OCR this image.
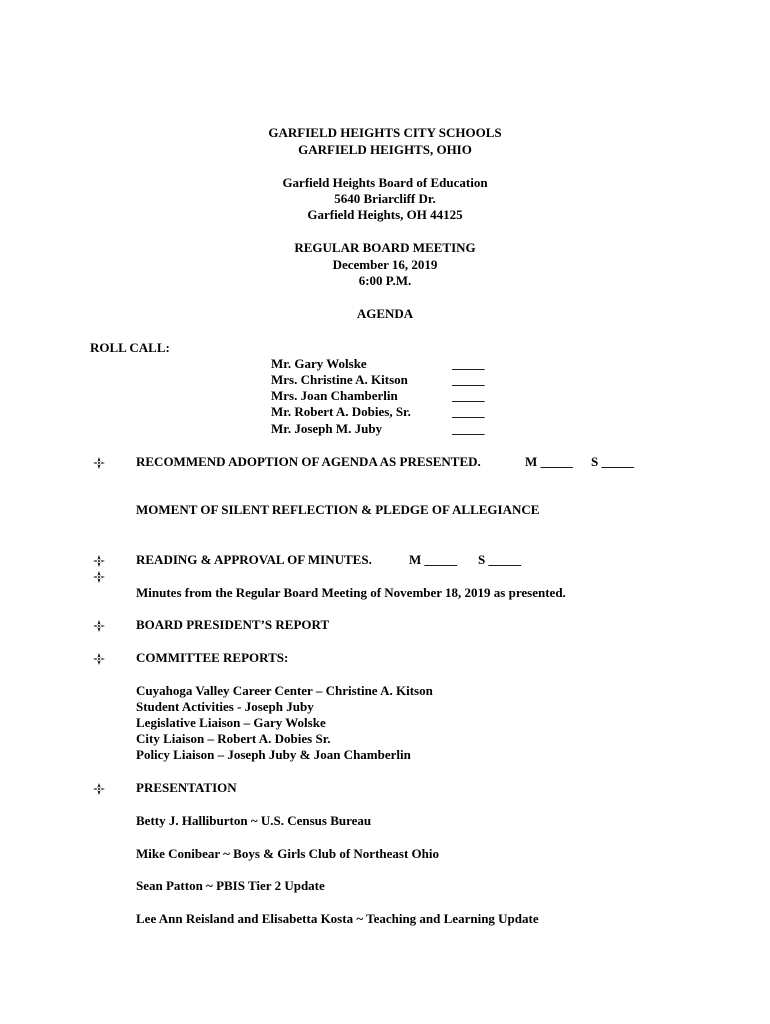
GARFIELD HEIGHTS CITY SCHOOLS
GARFIELD HEIGHTS, OHIO
Garfield Heights Board of Education
5640 Briarcliff Dr.
Garfield Heights, OH 44125
REGULAR BOARD MEETING
December 16, 2019
6:00 P.M.
AGENDA
ROLL CALL:
Mr. Gary Wolske	_____
Mrs. Christine A. Kitson	_____
Mrs. Joan Chamberlin	_____
Mr. Robert A. Dobies, Sr.	_____
Mr. Joseph M. Juby	_____
RECOMMEND ADOPTION OF AGENDA AS PRESENTED.	M _____ S _____
MOMENT OF SILENT REFLECTION & PLEDGE OF ALLEGIANCE
READING & APPROVAL OF MINUTES.	M _____ S _____
Minutes from the Regular Board Meeting of November 18, 2019 as presented.
BOARD PRESIDENT’S REPORT
COMMITTEE REPORTS:
Cuyahoga Valley Career Center – Christine A. Kitson
Student Activities - Joseph Juby
Legislative Liaison – Gary Wolske
City Liaison – Robert A. Dobies Sr.
Policy Liaison – Joseph Juby & Joan Chamberlin
PRESENTATION
Betty J. Halliburton ~ U.S. Census Bureau
Mike Conibear ~ Boys & Girls Club of Northeast Ohio
Sean Patton ~ PBIS Tier 2 Update
Lee Ann Reisland and Elisabetta Kosta ~ Teaching and Learning Update
